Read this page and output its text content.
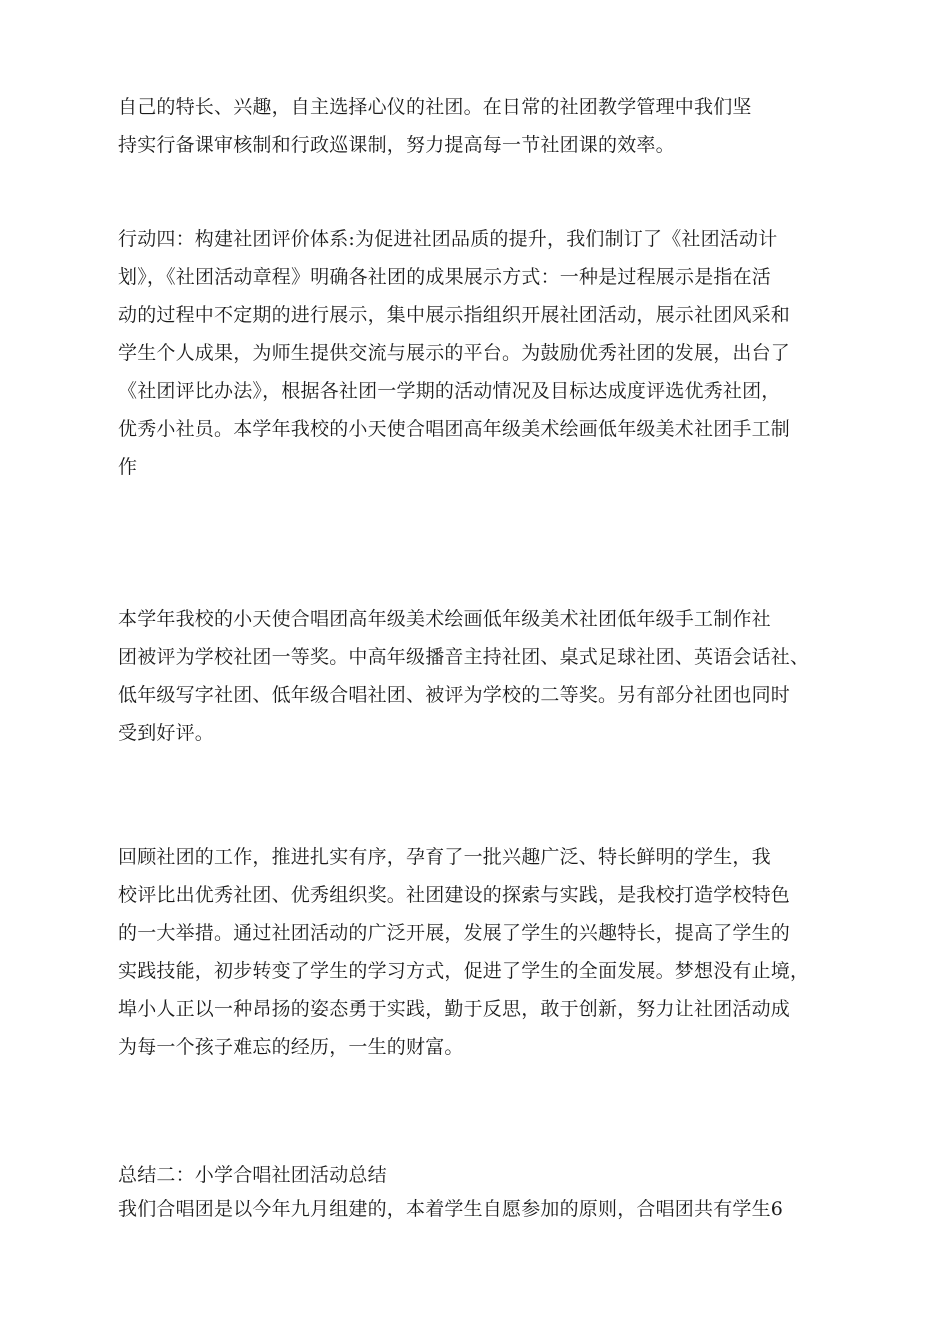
自己的特长、兴趣，自主选择心仪的社团。在日常的社团教学管理中我们坚
持实行备课审核制和行政巡课制，努力提高每一节社团课的效率。
行动四：构建社团评价体系:为促进社团品质的提升，我们制订了《社团活动计
划》，《社团活动章程》明确各社团的成果展示方式：一种是过程展示是指在活
动的过程中不定期的进行展示，集中展示指组织开展社团活动，展示社团风采和
学生个人成果，为师生提供交流与展示的平台。为鼓励优秀社团的发展，出台了
《社团评比办法》，根据各社团一学期的活动情况及目标达成度评选优秀社团，
优秀小社员。本学年我校的小天使合唱团高年级美术绘画低年级美术社团手工制
作
本学年我校的小天使合唱团高年级美术绘画低年级美术社团低年级手工制作社
团被评为学校社团一等奖。中高年级播音主持社团、桌式足球社团、英语会话社、
低年级写字社团、低年级合唱社团、被评为学校的二等奖。另有部分社团也同时
受到好评。
回顾社团的工作，推进扎实有序，孕育了一批兴趣广泛、特长鲜明的学生，我
校评比出优秀社团、优秀组织奖。社团建设的探索与实践，是我校打造学校特色
的一大举措。通过社团活动的广泛开展，发展了学生的兴趣特长，提高了学生的
实践技能，初步转变了学生的学习方式，促进了学生的全面发展。梦想没有止境，
埠小人正以一种昂扬的姿态勇于实践，勤于反思，敢于创新，努力让社团活动成
为每一个孩子难忘的经历，一生的财富。
总结二：小学合唱社团活动总结
我们合唱团是以今年九月组建的，本着学生自愿参加的原则，合唱团共有学生6
